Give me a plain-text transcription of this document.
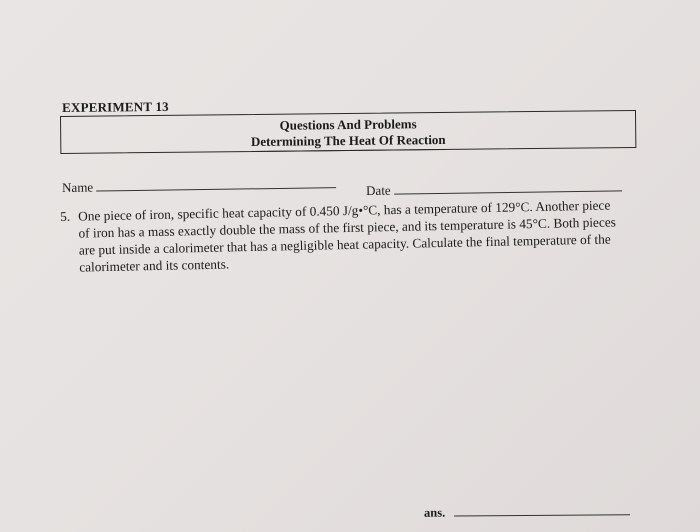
EXPERIMENT 13
Questions And Problems
Determining The Heat Of Reaction
Name	Date
5. One piece of iron, specific heat capacity of 0.450 J/g•°C, has a temperature of 129°C. Another piece of iron has a mass exactly double the mass of the first piece, and its temperature is 45°C. Both pieces are put inside a calorimeter that has a negligible heat capacity. Calculate the final temperature of the calorimeter and its contents.
ans.
